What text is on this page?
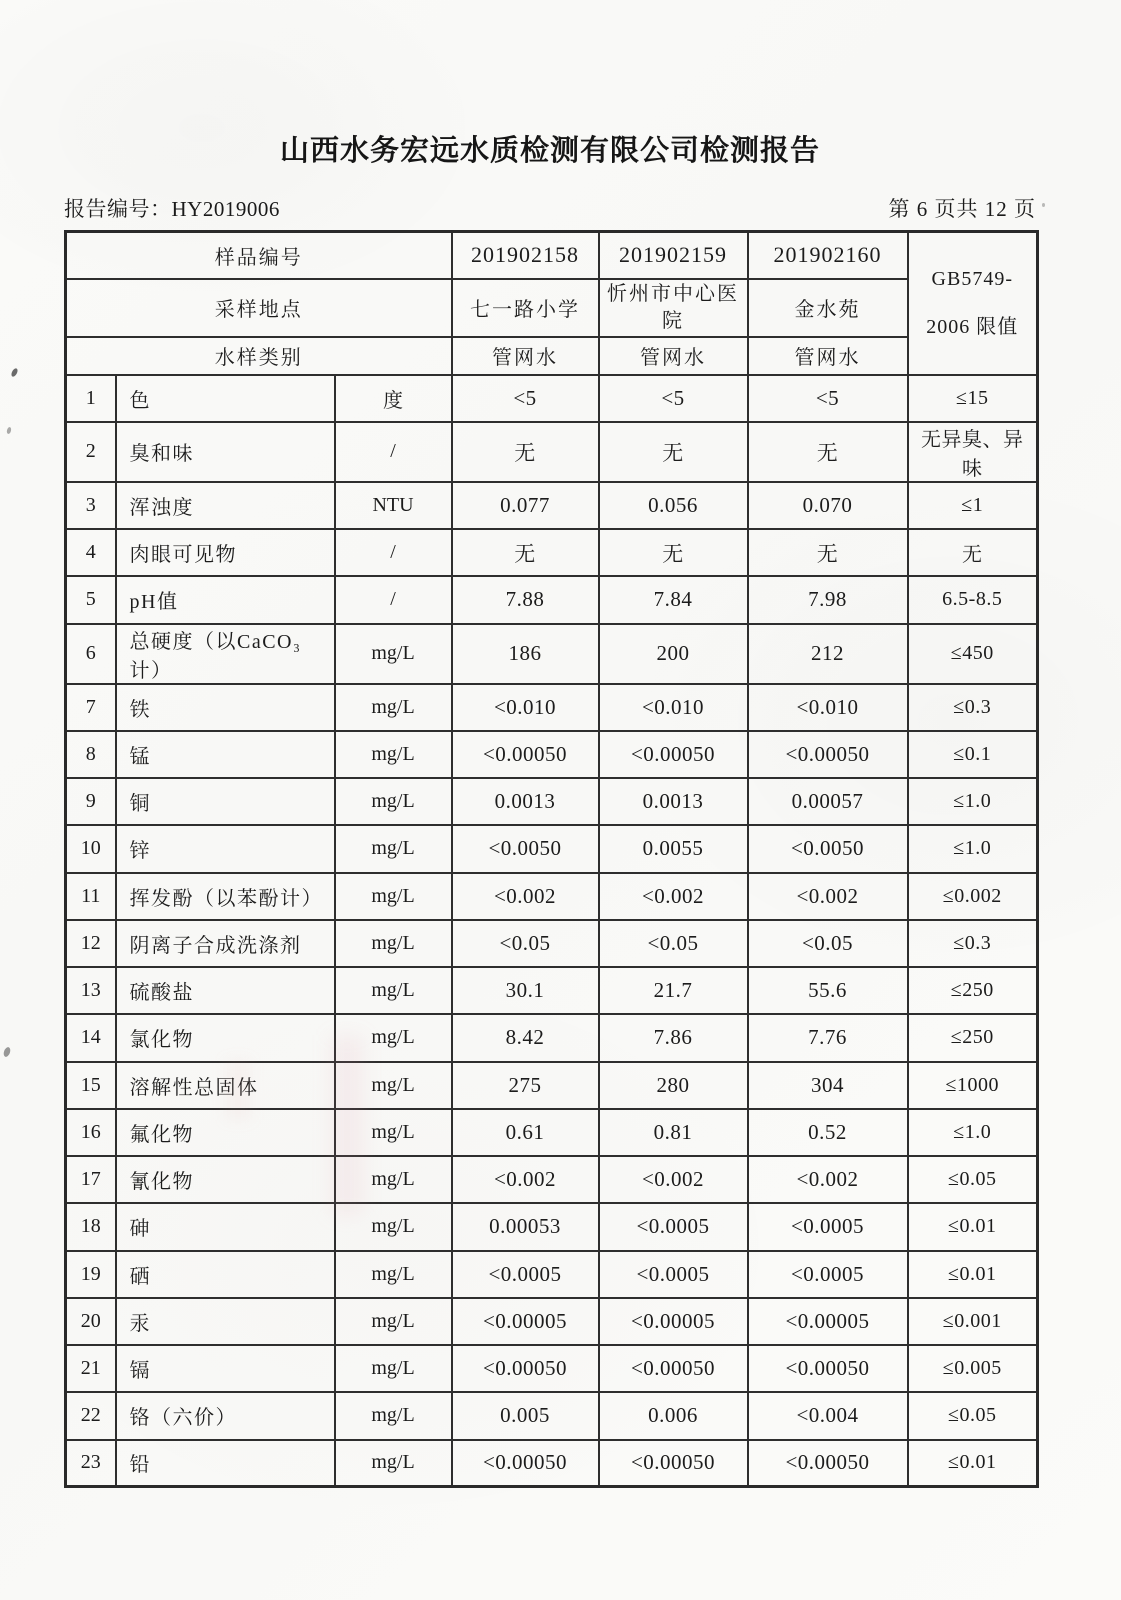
山西水务宏远水质检测有限公司检测报告
报告编号：HY2019006	第 6 页共 12 页
样品编号			201902158	201902159	201902160	GB5749-
2006 限值

采样地点			七一路小学	忻州市中心医院	金水苑	
水样类别			管网水	管网水	管网水	
1	色	度	<5	<5	<5	≤15
2	臭和味	/	无	无	无	无异臭、异味
3	浑浊度	NTU	0.077	0.056	0.070	≤1
4	肉眼可见物	/	无	无	无	无
5	pH值	/	7.88	7.84	7.98	6.5-8.5
6	总硬度（以CaCO₃计）	mg/L	186	200	212	≤450
7	铁	mg/L	<0.010	<0.010	<0.010	≤0.3
8	锰	mg/L	<0.00050	<0.00050	<0.00050	≤0.1
9	铜	mg/L	0.0013	0.0013	0.00057	≤1.0
10	锌	mg/L	<0.0050	0.0055	<0.0050	≤1.0
11	挥发酚（以苯酚计）	mg/L	<0.002	<0.002	<0.002	≤0.002
12	阴离子合成洗涤剂	mg/L	<0.05	<0.05	<0.05	≤0.3
13	硫酸盐	mg/L	30.1	21.7	55.6	≤250
14	氯化物	mg/L	8.42	7.86	7.76	≤250
15	溶解性总固体	mg/L	275	280	304	≤1000
16	氟化物	mg/L	0.61	0.81	0.52	≤1.0
17	氰化物	mg/L	<0.002	<0.002	<0.002	≤0.05
18	砷	mg/L	0.00053	<0.0005	<0.0005	≤0.01
19	硒	mg/L	<0.0005	<0.0005	<0.0005	≤0.01
20	汞	mg/L	<0.00005	<0.00005	<0.00005	≤0.001
21	镉	mg/L	<0.00050	<0.00050	<0.00050	≤0.005
22	铬（六价）	mg/L	0.005	0.006	<0.004	≤0.05
23	铅	mg/L	<0.00050	<0.00050	<0.00050	≤0.01
